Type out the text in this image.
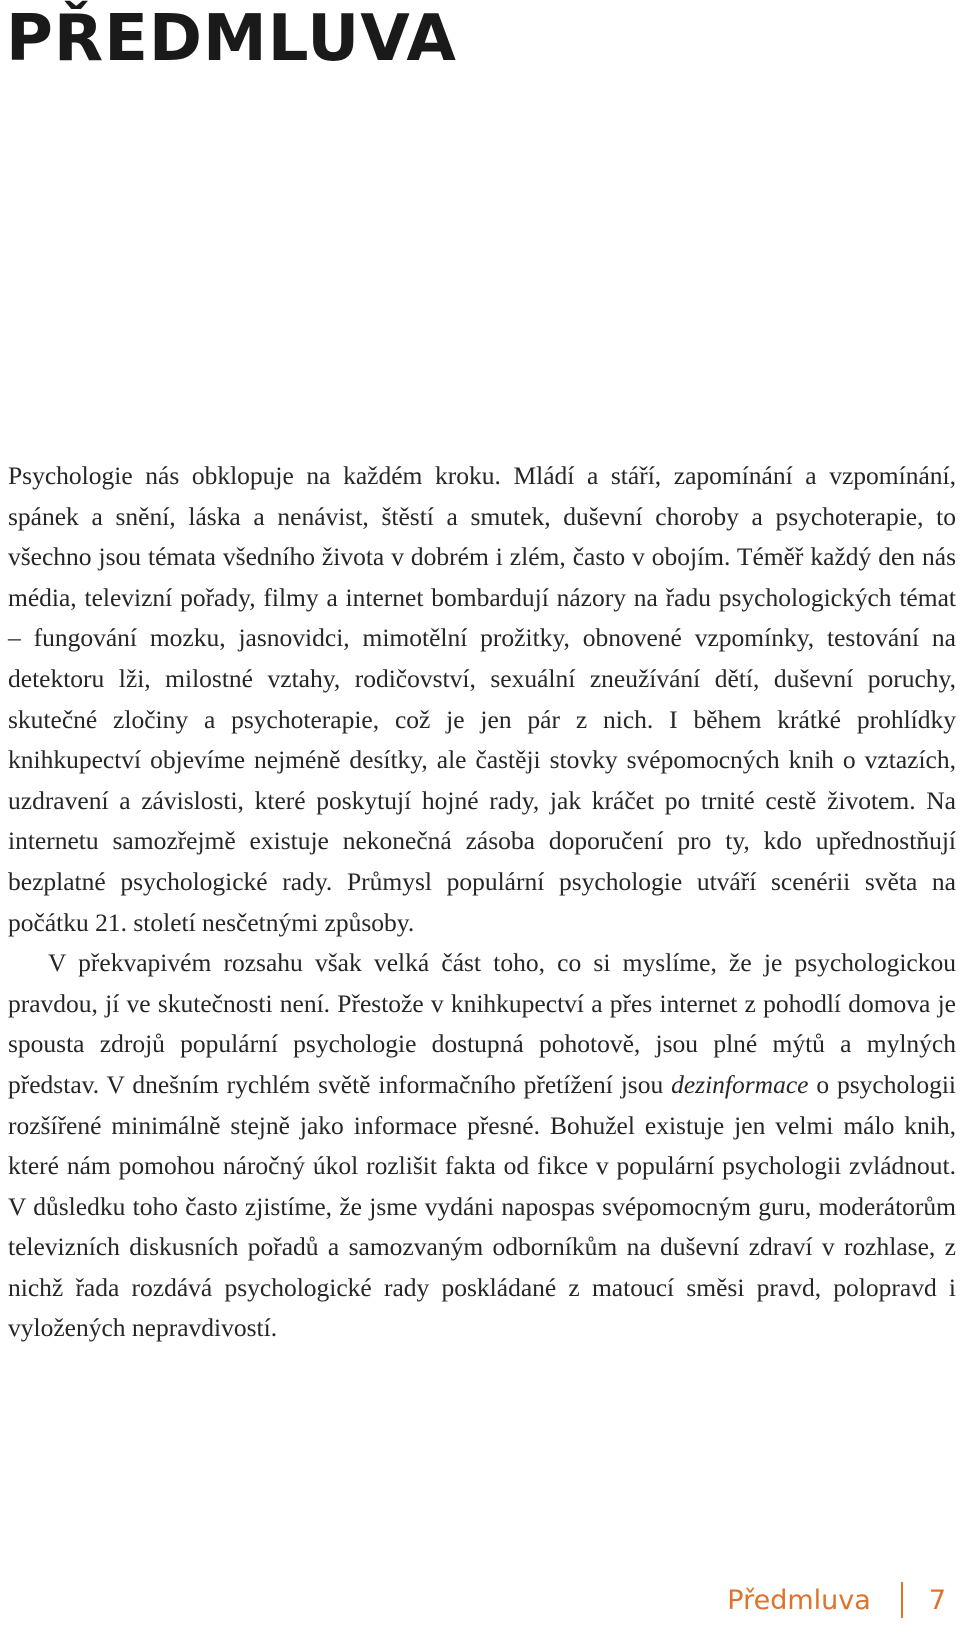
PŘEDMLUVA

Psychologie nás obklopuje na každém kroku. Mládí a stáří, zapomínání a vzpomínání, spánek a snění, láska a nenávist, štěstí a smutek, duševní choroby a psychoterapie, to všechno jsou témata všedního života v dobrém i zlém, často v obojím. Téměř každý den nás média, televizní pořady, filmy a internet bombardují názory na řadu psychologických témat – fungování mozku, jasnovidci, mimotělní prožitky, obnovené vzpomínky, testování na detektoru lži, milostné vztahy, rodičovství, sexuální zneužívání dětí, duševní poruchy, skutečné zločiny a psychoterapie, což je jen pár z nich. I během krátké prohlídky knihkupectví objevíme nejméně desítky, ale častěji stovky svépomocných knih o vztazích, uzdravení a závislosti, které poskytují hojné rady, jak kráčet po trnité cestě životem. Na internetu samozřejmě existuje nekonečná zásoba doporučení pro ty, kdo upřednostňují bezplatné psychologické rady. Průmysl populární psychologie utváří scenérii světa na počátku 21. století nesčetnými způsoby.

V překvapivém rozsahu však velká část toho, co si myslíme, že je psychologickou pravdou, jí ve skutečnosti není. Přestože v knihkupectví a přes internet z pohodlí domova je spousta zdrojů populární psychologie dostupná pohotově, jsou plné mýtů a mylných představ. V dnešním rychlém světě informačního přetížení jsou dezinformace o psychologii rozšířené minimálně stejně jako informace přesné. Bohužel existuje jen velmi málo knih, které nám pomohou náročný úkol rozlišit fakta od fikce v populární psychologii zvládnout. V důsledku toho často zjistíme, že jsme vydáni napospas svépomocným guru, moderátorům televizních diskusních pořadů a samozvaným odborníkům na duševní zdraví v rozhlase, z nichž řada rozdává psychologické rady poskládané z matoucí směsi pravd, polopravd i vyložených nepravdivostí.

Předmluva 7
